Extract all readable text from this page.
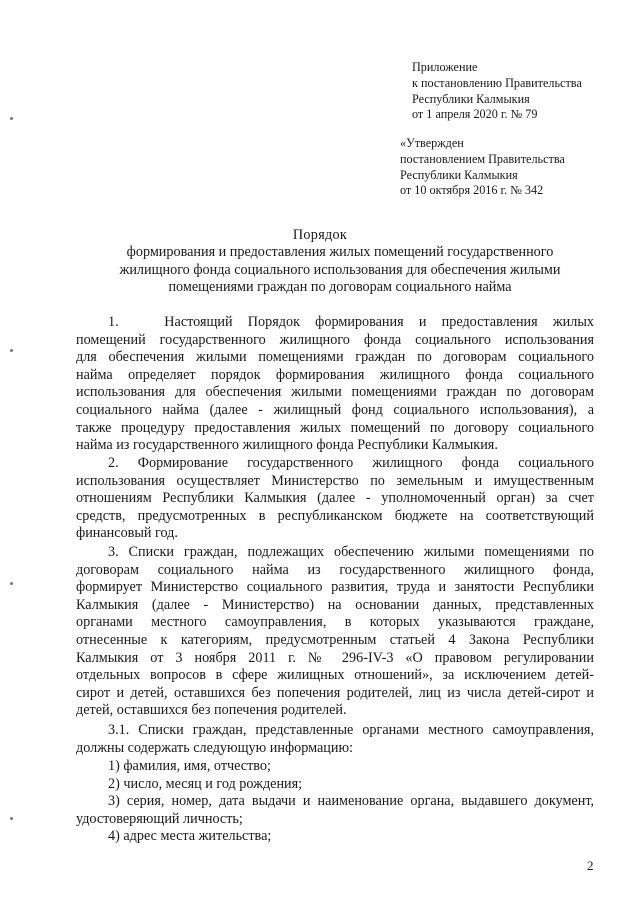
Приложение
к постановлению Правительства
Республики Калмыкия
от 1 апреля 2020 г. № 79
«Утвержден
постановлением Правительства
Республики Калмыкия
от 10 октября 2016 г. № 342
Порядок
формирования и предоставления жилых помещений государственного
жилищного фонда социального использования для обеспечения жилыми
помещениями граждан по договорам социального найма
1.   Настоящий Порядок формирования и предоставления жилых
помещений государственного жилищного фонда социального использования
для обеспечения жилыми помещениями граждан по договорам социального
найма определяет порядок формирования жилищного фонда социального
использования для обеспечения жилыми помещениями граждан по договорам
социального найма (далее - жилищный фонд социального использования), а
также процедуру предоставления жилых помещений по договору социального
найма из государственного жилищного фонда Республики Калмыкия.
2. Формирование государственного жилищного фонда социального
использования осуществляет Министерство по земельным и имущественным
отношениям Республики Калмыкия (далее - уполномоченный орган) за счет
средств, предусмотренных в республиканском бюджете на соответствующий
финансовый год.
3. Списки граждан, подлежащих обеспечению жилыми помещениями по
договорам социального найма из государственного жилищного фонда,
формирует Министерство социального развития, труда и занятости Республики
Калмыкия (далее - Министерство) на основании данных, представленных
органами местного самоуправления, в которых указываются граждане,
отнесенные к категориям, предусмотренным статьей 4 Закона Республики
Калмыкия от 3 ноября 2011 г. № 296-IV-3 «О правовом регулировании
отдельных вопросов в сфере жилищных отношений», за исключением детей-
сирот и детей, оставшихся без попечения родителей, лиц из числа детей-сирот и
детей, оставшихся без попечения родителей.
3.1. Списки граждан, представленные органами местного самоуправления,
должны содержать следующую информацию:
1) фамилия, имя, отчество;
2) число, месяц и год рождения;
3) серия, номер, дата выдачи и наименование органа, выдавшего документ,
удостоверяющий личность;
4) адрес места жительства;
2
